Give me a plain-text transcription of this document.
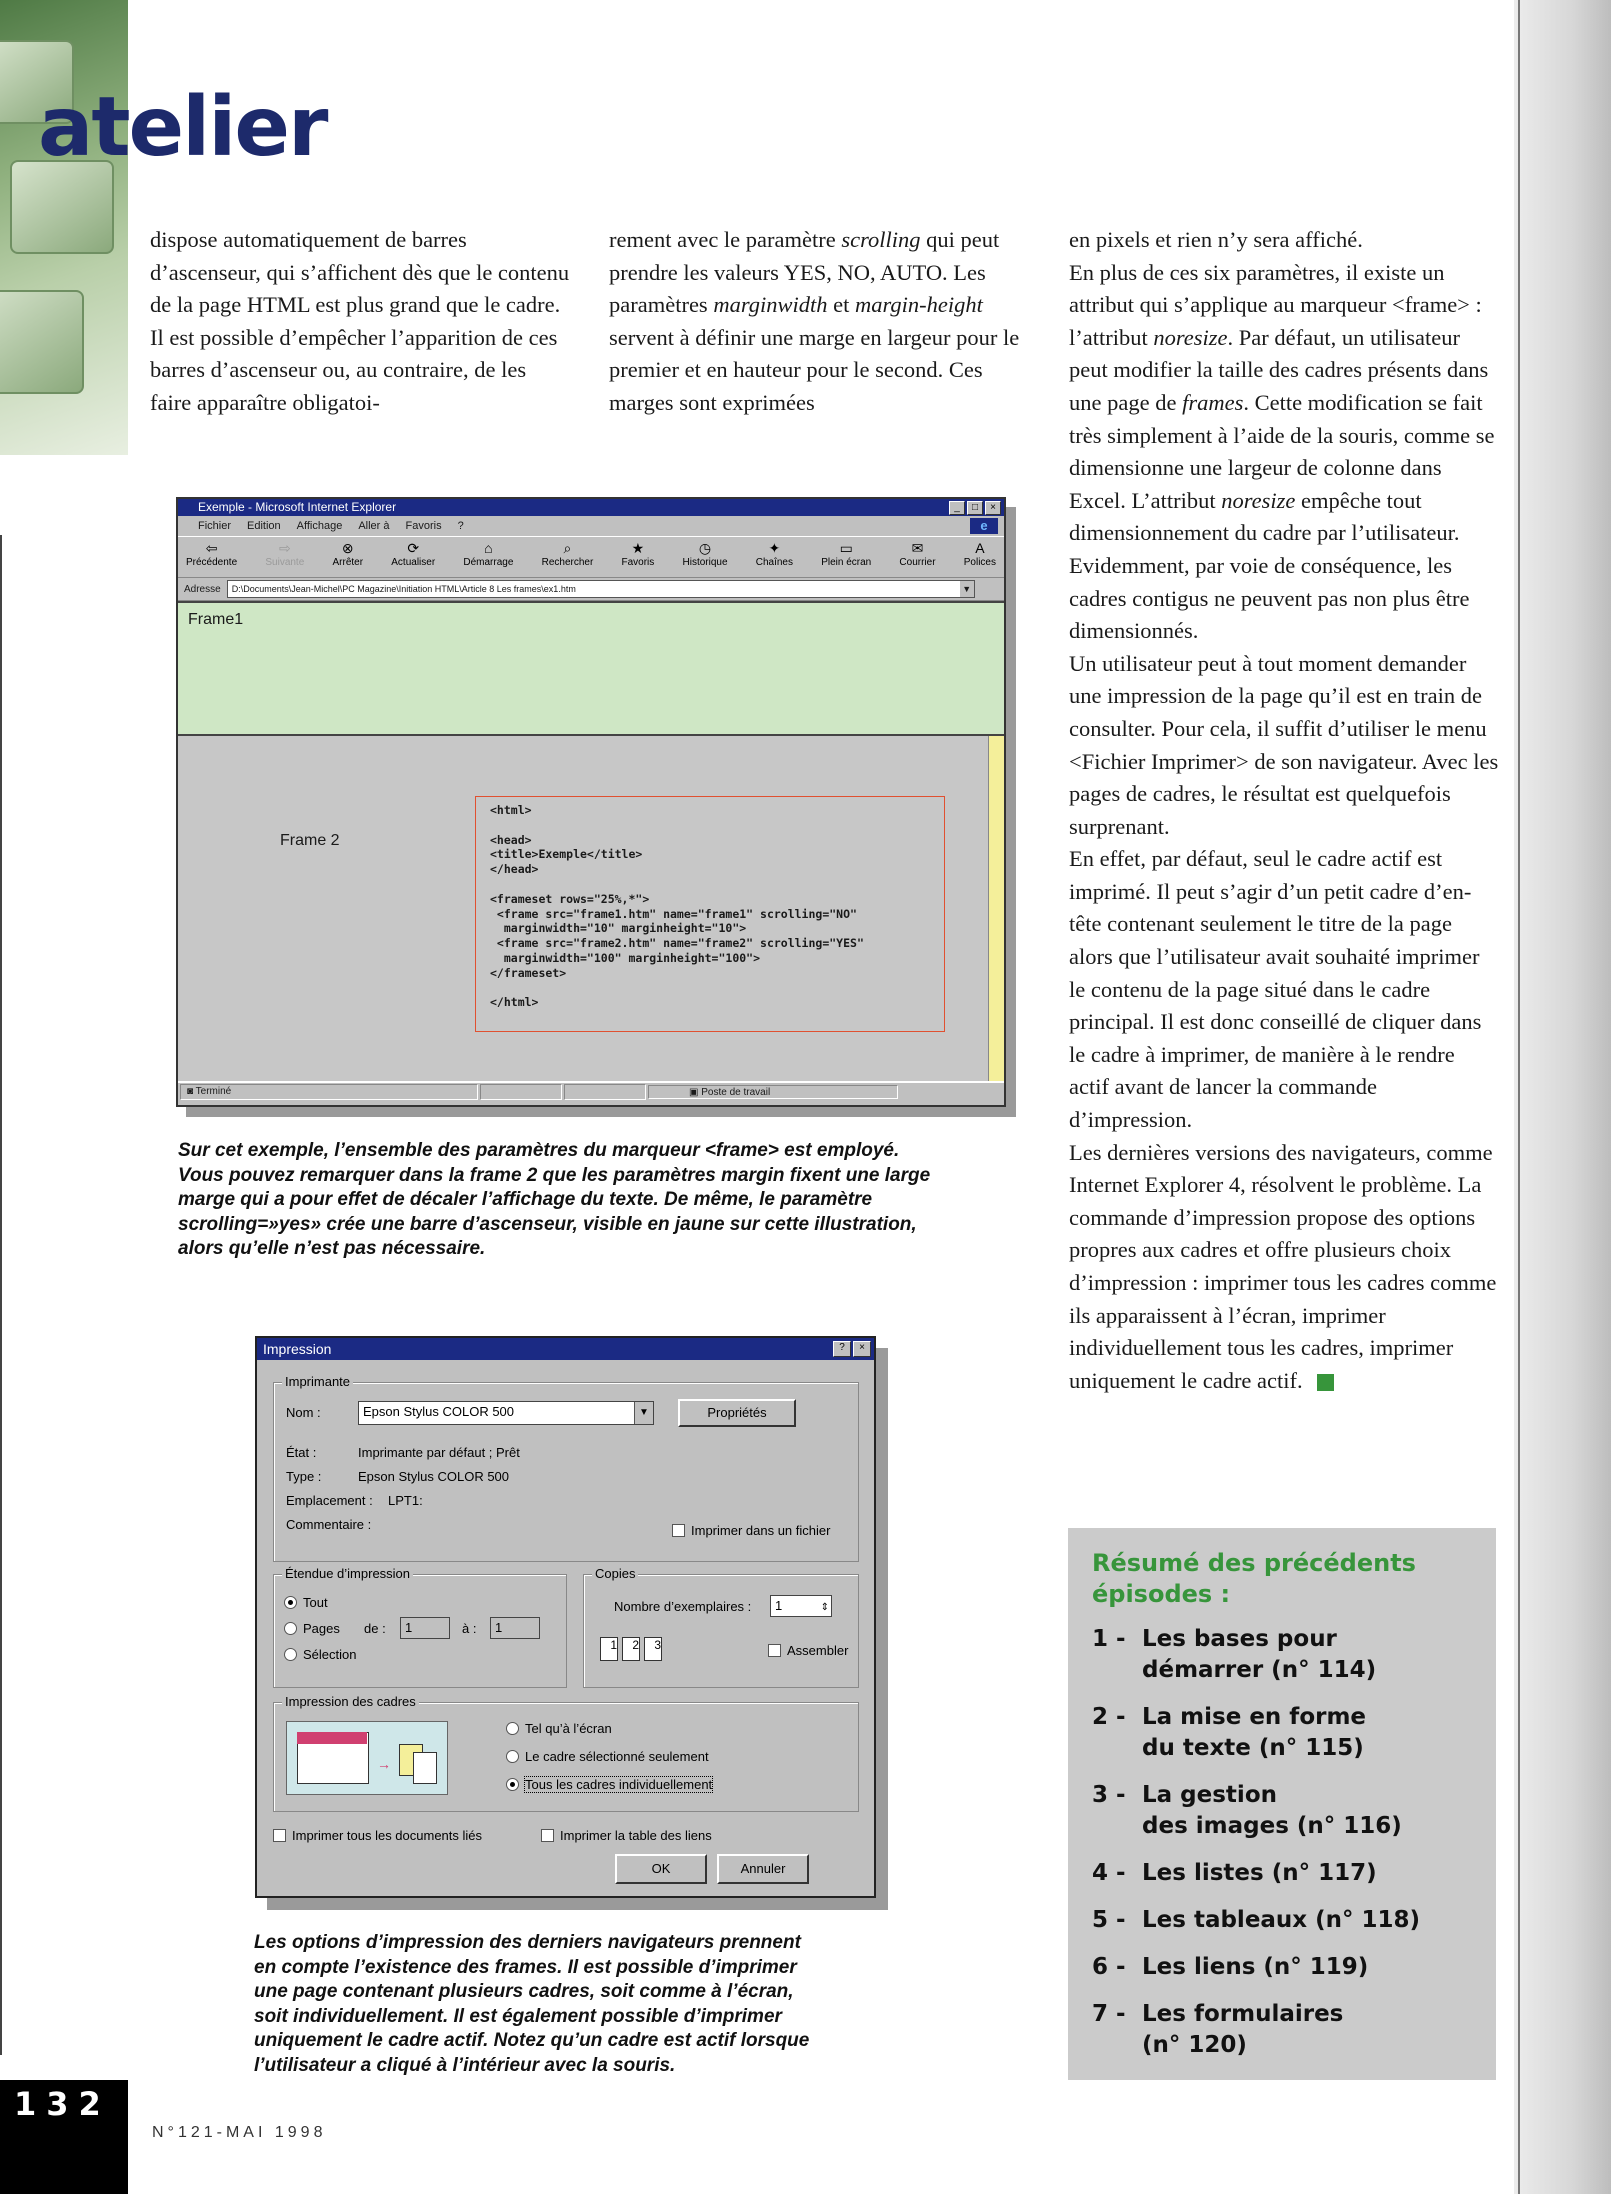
atelier

dispose automatiquement de barres d’ascenseur, qui s’affichent dès que le contenu de la page HTML est plus grand que le cadre. Il est possible d’empêcher l’apparition de ces barres d’ascenseur ou, au contraire, de les faire apparaître obligatoi-

rement avec le paramètre scrolling qui peut prendre les valeurs YES, NO, AUTO. Les paramètres marginwidth et margin-height servent à définir une marge en largeur pour le premier et en hauteur pour le second. Ces marges sont exprimées

en pixels et rien n’y sera affiché.

En plus de ces six paramètres, il existe un attribut qui s’applique au marqueur <frame> : l’attribut noresize. Par défaut, un utilisateur peut modifier la taille des cadres présents dans une page de frames. Cette modification se fait très simplement à l’aide de la souris, comme se dimensionne une largeur de colonne dans Excel. L’attribut noresize empêche tout dimensionnement du cadre par l’utilisateur. Evidemment, par voie de conséquence, les cadres contigus ne peuvent pas non plus être dimensionnés.

Un utilisateur peut à tout moment demander une impression de la page qu’il est en train de consulter. Pour cela, il suffit d’utiliser le menu <Fichier Imprimer> de son navigateur. Avec les pages de cadres, le résultat est quelquefois surprenant.

En effet, par défaut, seul le cadre actif est imprimé. Il peut s’agir d’un petit cadre d’en-tête contenant seulement le titre de la page alors que l’utilisateur avait souhaité imprimer le contenu de la page situé dans le cadre principal. Il est donc conseillé de cliquer dans le cadre à imprimer, de manière à le rendre actif avant de lancer la commande d’impression.

Les dernières versions des navigateurs, comme Internet Explorer 4, résolvent le problème. La commande d’impression propose des options propres aux cadres et offre plusieurs choix d’impression : imprimer tous les cadres comme ils apparaissent à l’écran, imprimer individuellement tous les cadres, imprimer uniquement le cadre actif.

Exemple - Microsoft Internet Explorer	_	□	×
Fichier Edition Affichage Aller à Favoris ?	e
⇦
Précédente
⇨
Suivante
⊗
Arrêter
⟳
Actualiser
⌂
Démarrage
⌕
Rechercher
★
Favoris
◷
Historique
✦
Chaînes
▭
Plein écran
✉
Courrier
A
Polices
Adresse	D:\Documents\Jean-Michel\PC Magazine\Initiation HTML\Article 8 Les frames\ex1.htm	▼
Frame1
Frame 2
<html>

<head>
<title>Exemple</title>
</head>

<frameset rows="25%,*">
<frame src="frame1.htm" name="frame1" scrolling="NO"
marginwidth="10" marginheight="10">
<frame src="frame2.htm" name="frame2" scrolling="YES"
marginwidth="100" marginheight="100">
</frameset>

</html>
◙ Terminé	▣ Poste de travail
Sur cet exemple, l’ensemble des paramètres du marqueur <frame> est employé. Vous pouvez remarquer dans la frame 2 que les paramètres margin fixent une large marge qui a pour effet de décaler l’affichage du texte. De même, le paramètre scrolling=»yes» crée une barre d’ascenseur, visible en jaune sur cette illustration, alors qu’elle n’est pas nécessaire.
Impression	?	×
Imprimante
Nom :	Epson Stylus COLOR 500	▼	Propriétés
État :	Imprimante par défaut ; Prêt
Type :	Epson Stylus COLOR 500
Emplacement : LPT1:
Commentaire :	Imprimer dans un fichier
Étendue d’impression
Tout
Pages de :	1	à :	1
Sélection
Copies
Nombre d’exemplaires :	1	⇕
1	2	3	Assembler
Impression des cadres
→
Tel qu’à l’écran
Le cadre sélectionné seulement
Tous les cadres individuellement
Imprimer tous les documents liés	Imprimer la table des liens
OK	Annuler
Les options d’impression des derniers navigateurs prennent en compte l’existence des frames. Il est possible d’imprimer une page contenant plusieurs cadres, soit comme à l’écran, soit individuellement. Il est également possible d’imprimer uniquement le cadre actif. Notez qu’un cadre est actif lorsque l’utilisateur a cliqué à l’intérieur avec la souris.
Résumé des précédents épisodes :
1 - Les bases pour
démarrer (n° 114)
2 - La mise en forme
du texte (n° 115)
3 - La gestion
des images (n° 116)
4 - Les listes (n° 117)
5 - Les tableaux (n° 118)
6 - Les liens (n° 119)
7 - Les formulaires
(n° 120)
132
N°121-MAI 1998
